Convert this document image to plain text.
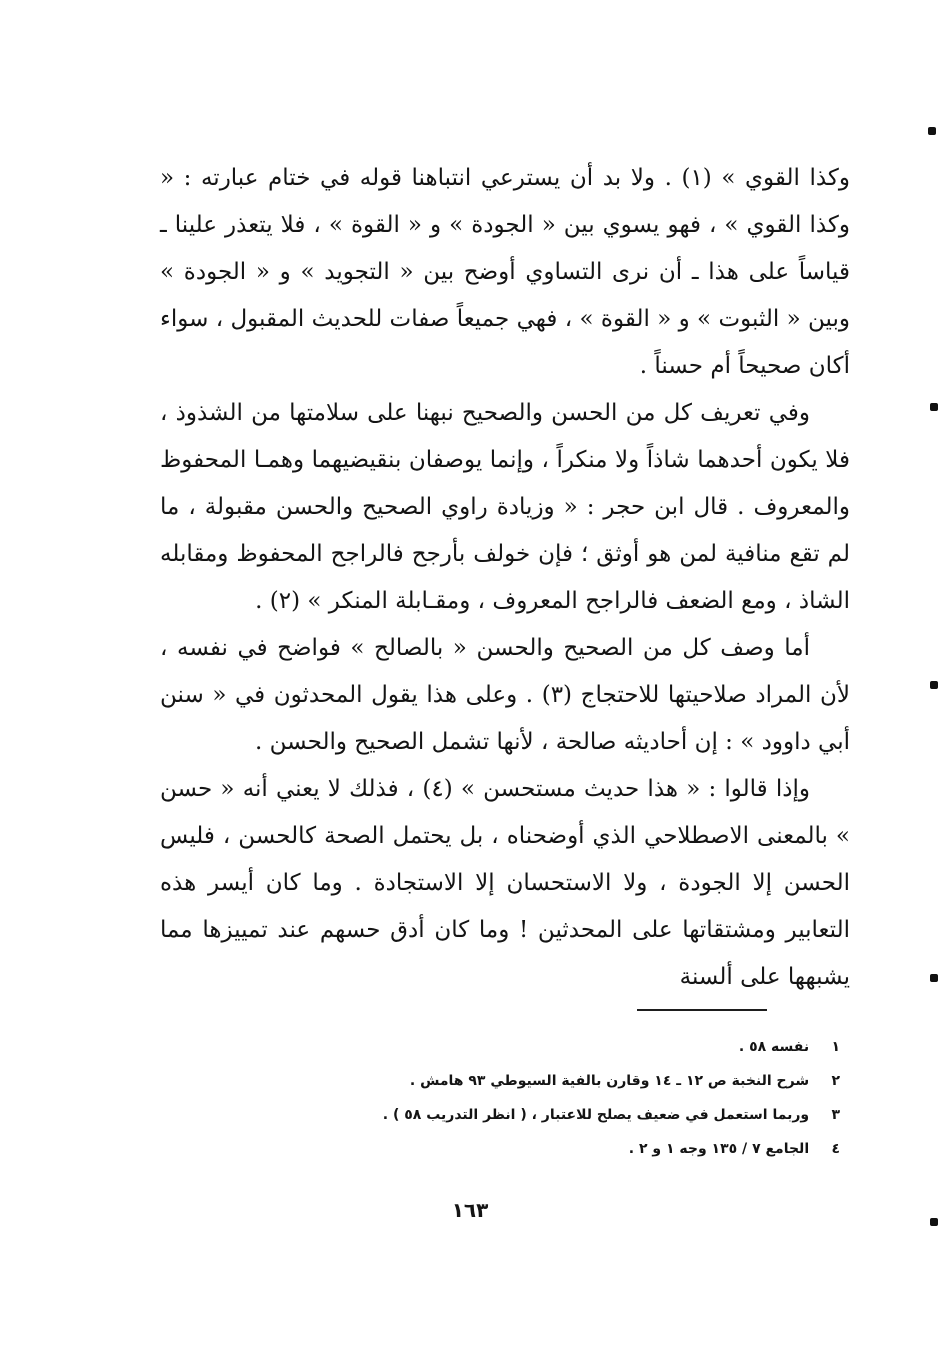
وكذا القوي » (١) . ولا بد أن يسترعي انتباهنا قوله في ختام عبارته : « وكذا القوي » ، فهو يسوي بين « الجودة » و « القوة » ، فلا يتعذر علينا ـ قياساً على هذا ـ أن نرى التساوي أوضح بين « التجويد » و « الجودة » وبين « الثبوت » و « القوة » ، فهي جميعاً صفات للحديث المقبول ، سواء أكان صحيحاً أم حسناً .

وفي تعريف كل من الحسن والصحيح نبهنا على سلامتها من الشذوذ ، فلا يكون أحدهما شاذاً ولا منكراً ، وإنما يوصفان بنقيضيهما وهمـا المحفوظ والمعروف . قال ابن حجر : « وزيادة راوي الصحيح والحسن مقبولة ، ما لم تقع منافية لمن هو أوثق ؛ فإن خولف بأرجح فالراجح المحفوظ ومقابله الشاذ ، ومع الضعف فالراجح المعروف ، ومقـابلة المنكر » (٢) .

أما وصف كل من الصحيح والحسن « بالصالح » فواضح في نفسه ، لأن المراد صلاحيتها للاحتجاج (٣) . وعلى هذا يقول المحدثون في « سنن أبي داوود » : إن أحاديثه صالحة ، لأنها تشمل الصحيح والحسن .

وإذا قالوا : « هذا حديث مستحسن » (٤) ، فذلك لا يعني أنه « حسن » بالمعنى الاصطلاحي الذي أوضحناه ، بل يحتمل الصحة كالحسن ، فليس الحسن إلا الجودة ، ولا الاستحسان إلا الاستجادة . وما كان أيسر هذه التعابير ومشتقاتها على المحدثين ! وما كان أدق حسهم عند تمييزها مما يشبهها على ألسنة

١ نفسه ٥٨ .

٢ شرح النخبة ص ١٢ ـ ١٤ وقارن بالفية السيوطي ٩٣ هامش .

٣ وربما استعمل في ضعيف يصلح للاعتبار ، ( انظر التدريب ٥٨ ) .

٤ الجامع ٧ / ١٣٥ وجه ١ و ٢ .

١٦٣
